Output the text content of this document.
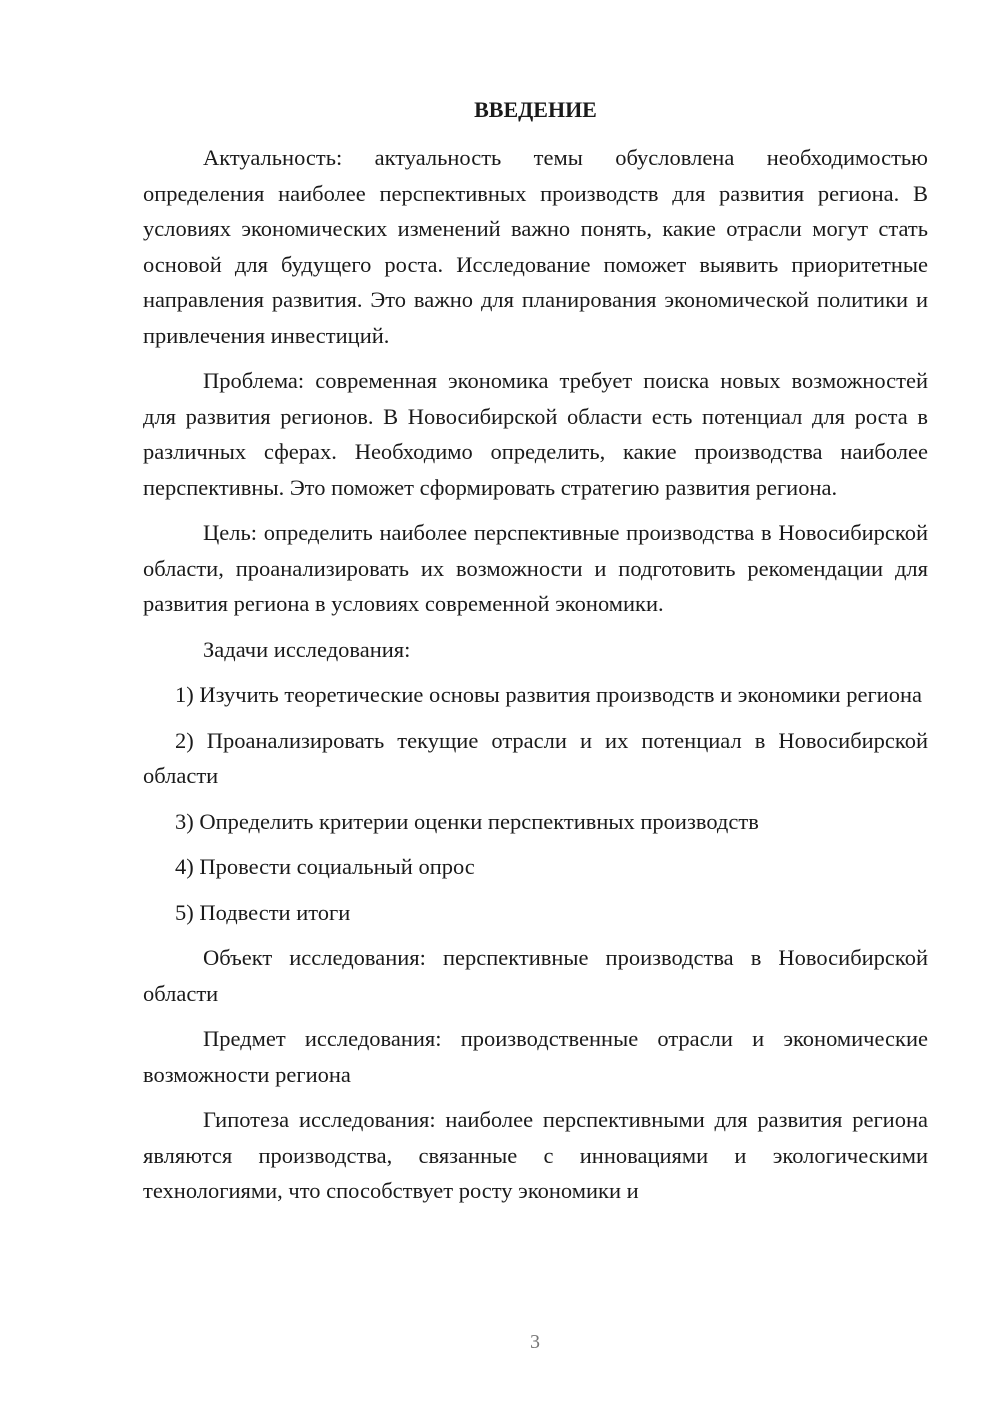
ВВЕДЕНИЕ

Актуальность: актуальность темы обусловлена необходимостью определения наиболее перспективных производств для развития региона. В условиях экономических изменений важно понять, какие отрасли могут стать основой для будущего роста. Исследование поможет выявить приоритетные направления развития. Это важно для планирования экономической политики и привлечения инвестиций.

Проблема: современная экономика требует поиска новых возможностей для развития регионов. В Новосибирской области есть потенциал для роста в различных сферах. Необходимо определить, какие производства наиболее перспективны. Это поможет сформировать стратегию развития региона.

Цель: определить наиболее перспективные производства в Новосибирской области, проанализировать их возможности и подготовить рекомендации для развития региона в условиях современной экономики.

Задачи исследования:

1) Изучить теоретические основы развития производств и экономики региона

2) Проанализировать текущие отрасли и их потенциал в Новосибирской области

3) Определить критерии оценки перспективных производств

4) Провести социальный опрос

5) Подвести итоги

Объект исследования: перспективные производства в Новосибирской области

Предмет исследования: производственные отрасли и экономические возможности региона

Гипотеза исследования: наиболее перспективными для развития региона являются производства, связанные с инновациями и экологическими технологиями, что способствует росту экономики и

3
